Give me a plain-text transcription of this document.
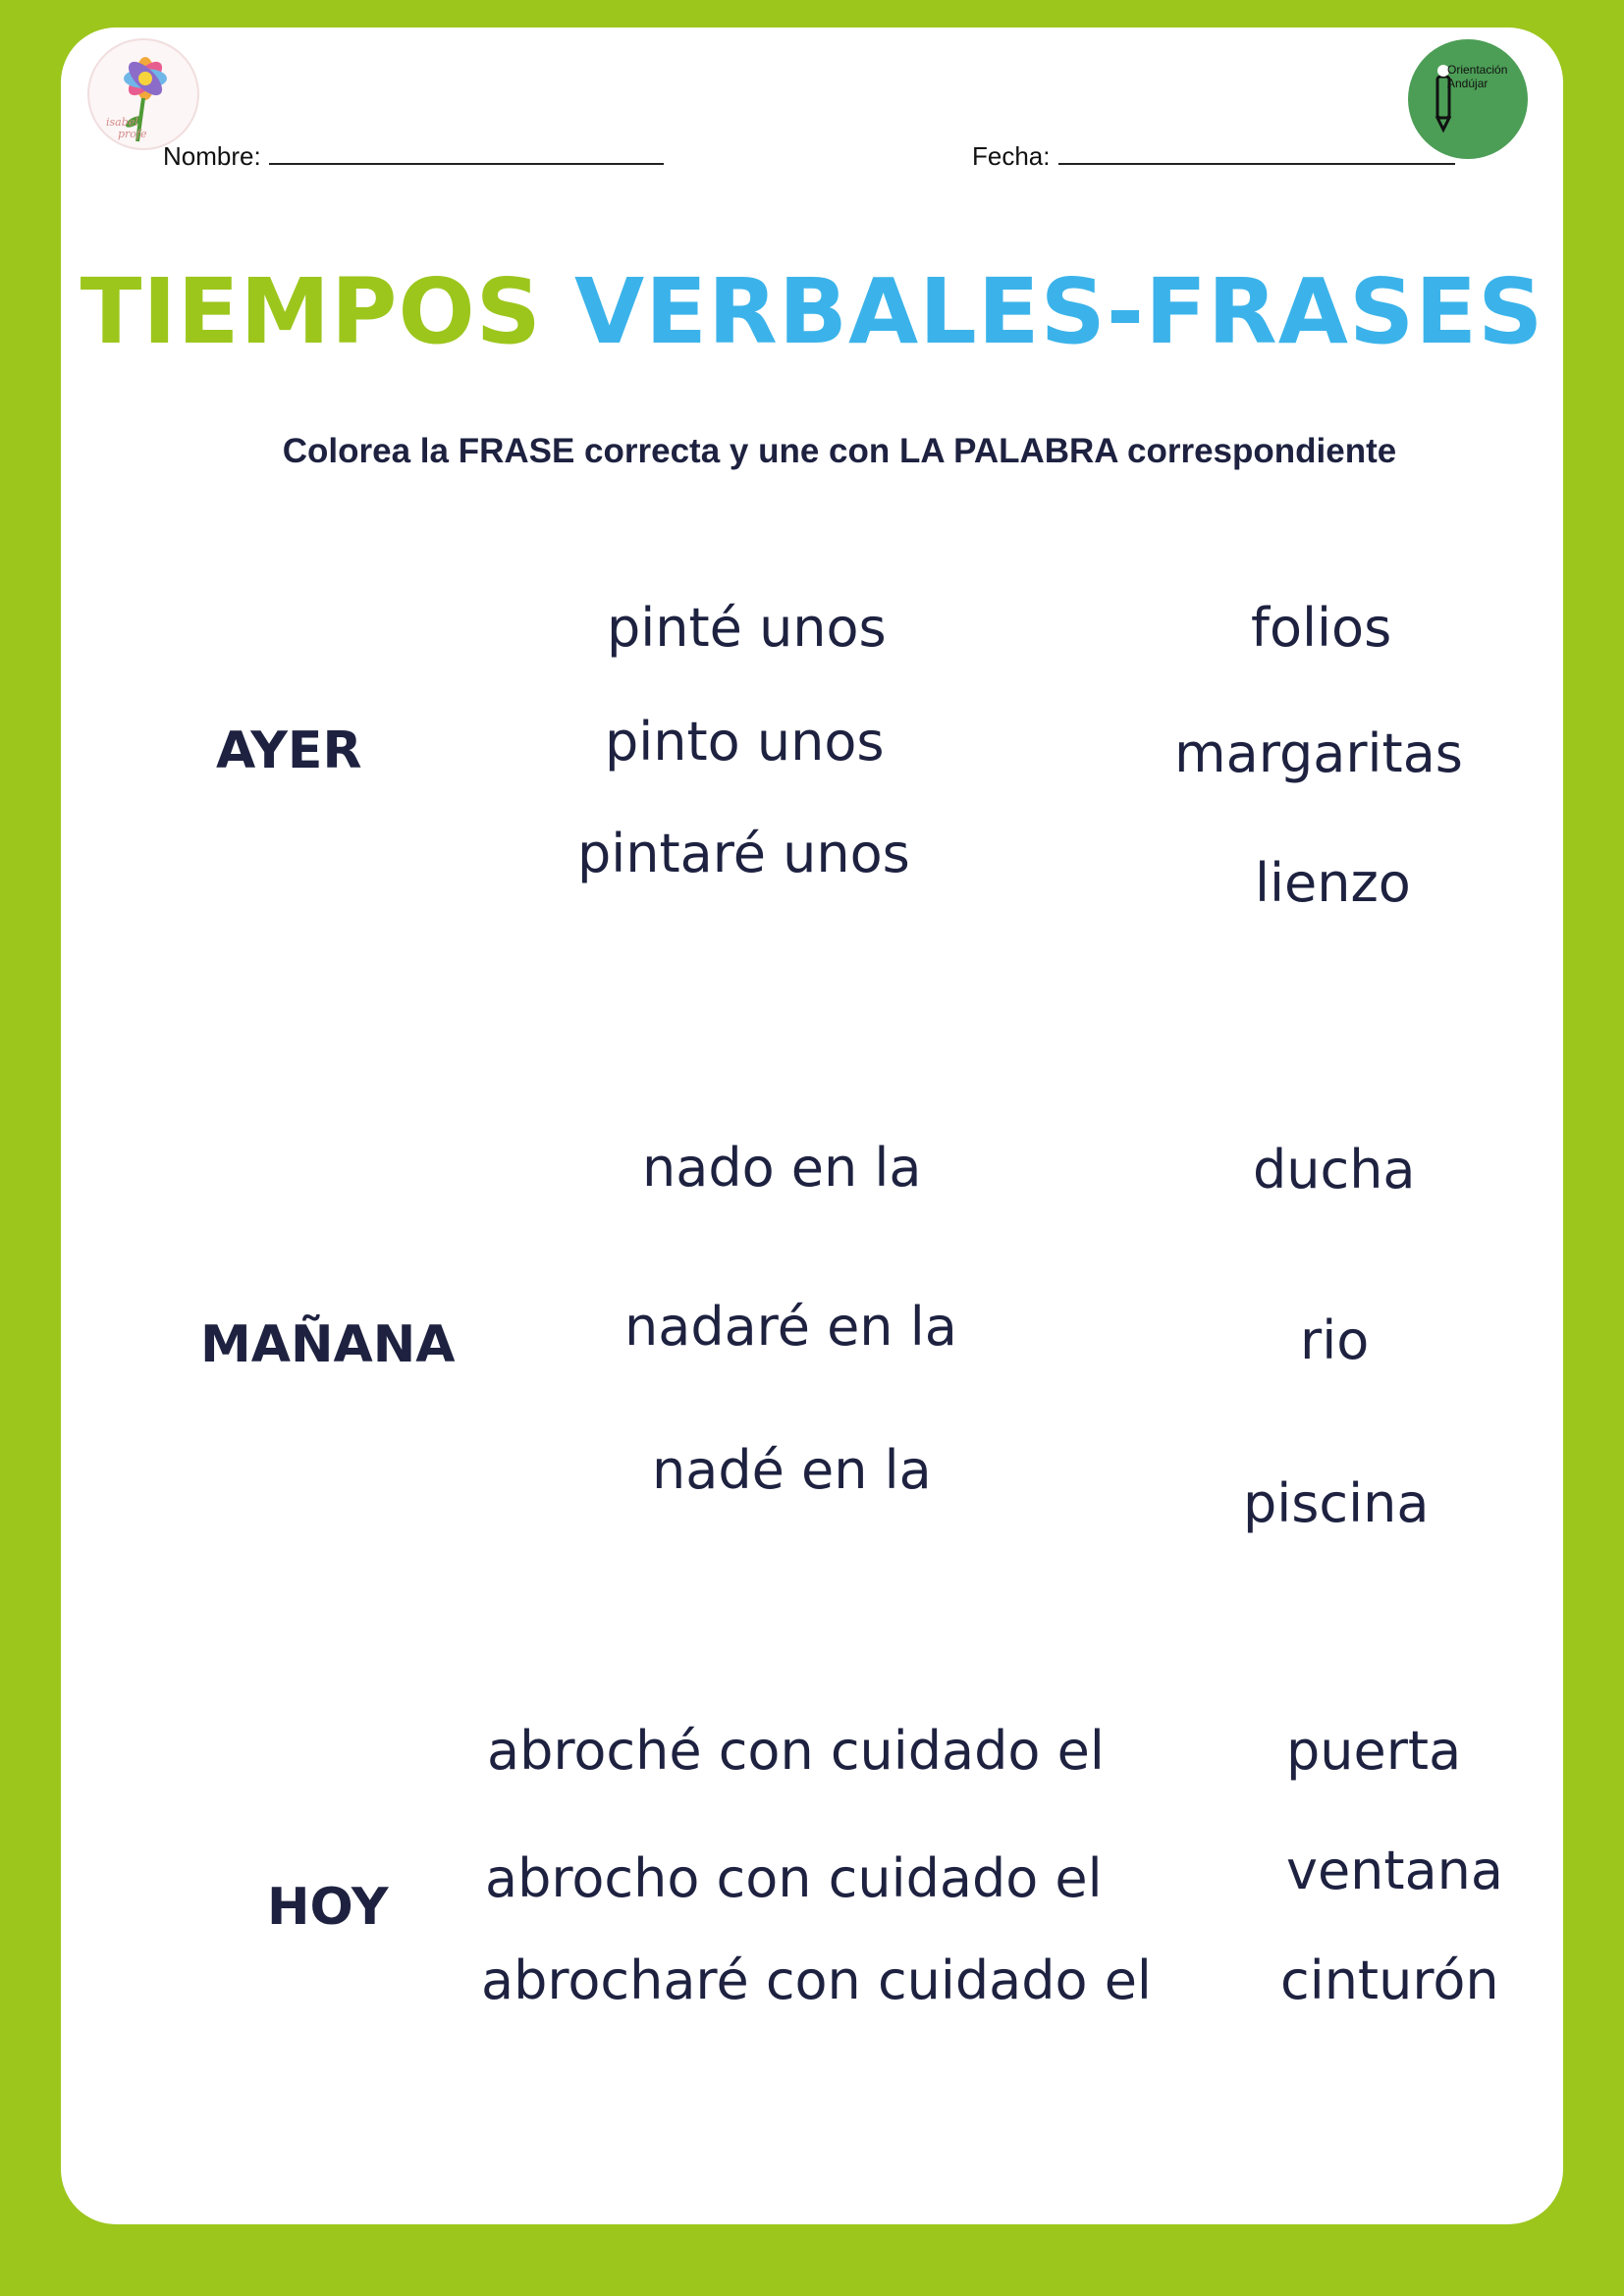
isabel
profe
Orientación Andújar
Nombre:	Fecha:
TIEMPOS VERBALES-FRASES
Colorea la FRASE correcta y une con LA PALABRA correspondiente
AYER
pinté unos
pinto unos
pintaré unos
folios
margaritas
lienzo
MAÑANA
nado en la
nadaré en la
nadé en la
ducha
rio
piscina
HOY
abroché con cuidado el
abrocho con cuidado el
abrocharé con cuidado el
puerta
ventana
cinturón
